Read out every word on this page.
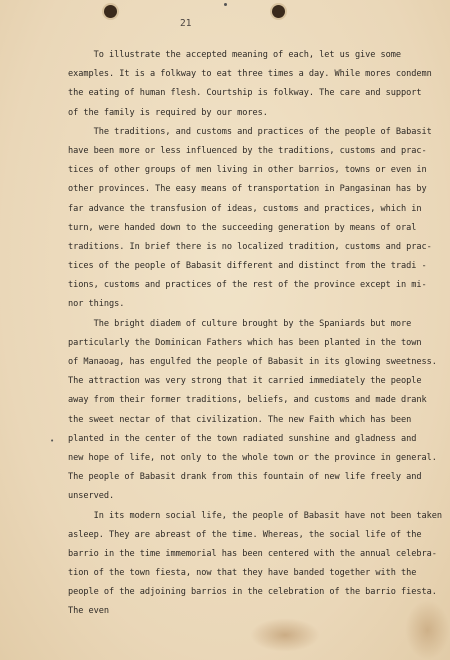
21
•
To illustrate the accepted meaning of each, let us give some
examples. It is a folkway to eat three times a day. While mores condemn
the eating of human flesh. Courtship is folkway. The care and support
of the family is required by our mores.
The traditions, and customs and practices of the people of Babasit
have been more or less influenced by the traditions, customs and prac-
tices of other groups of men living in other barrios, towns or even in
other provinces. The easy means of transportation in Pangasinan has by
far advance the transfusion of ideas, customs and practices, which in
turn, were handed down to the succeeding generation by means of oral
traditions. In brief there is no localized tradition, customs and prac-
tices of the people of Babasit different and distinct from the tradi -
tions, customs and practices of the rest of the province except in mi-
nor things.
The bright diadem of culture brought by the Spaniards but more
particularly the Dominican Fathers which has been planted in the town
of Manaoag, has engulfed the people of Babasit in its glowing sweetness.
The attraction was very strong that it carried immediately the people
away from their former traditions, beliefs, and customs and made drank
the sweet nectar of that civilization. The new Faith which has been
planted in the center of the town radiated sunshine and gladness and
new hope of life, not only to the whole town or the province in general.
The people of Babasit drank from this fountain of new life freely and
unserved.
In its modern social life, the people of Babasit have not been taken
asleep. They are abreast of the time. Whereas, the social life of the
barrio in the time immemorial has been centered with the annual celebra-
tion of the town fiesta, now that they have banded together with the
people of the adjoining barrios in the celebration of the barrio fiesta.
The even
